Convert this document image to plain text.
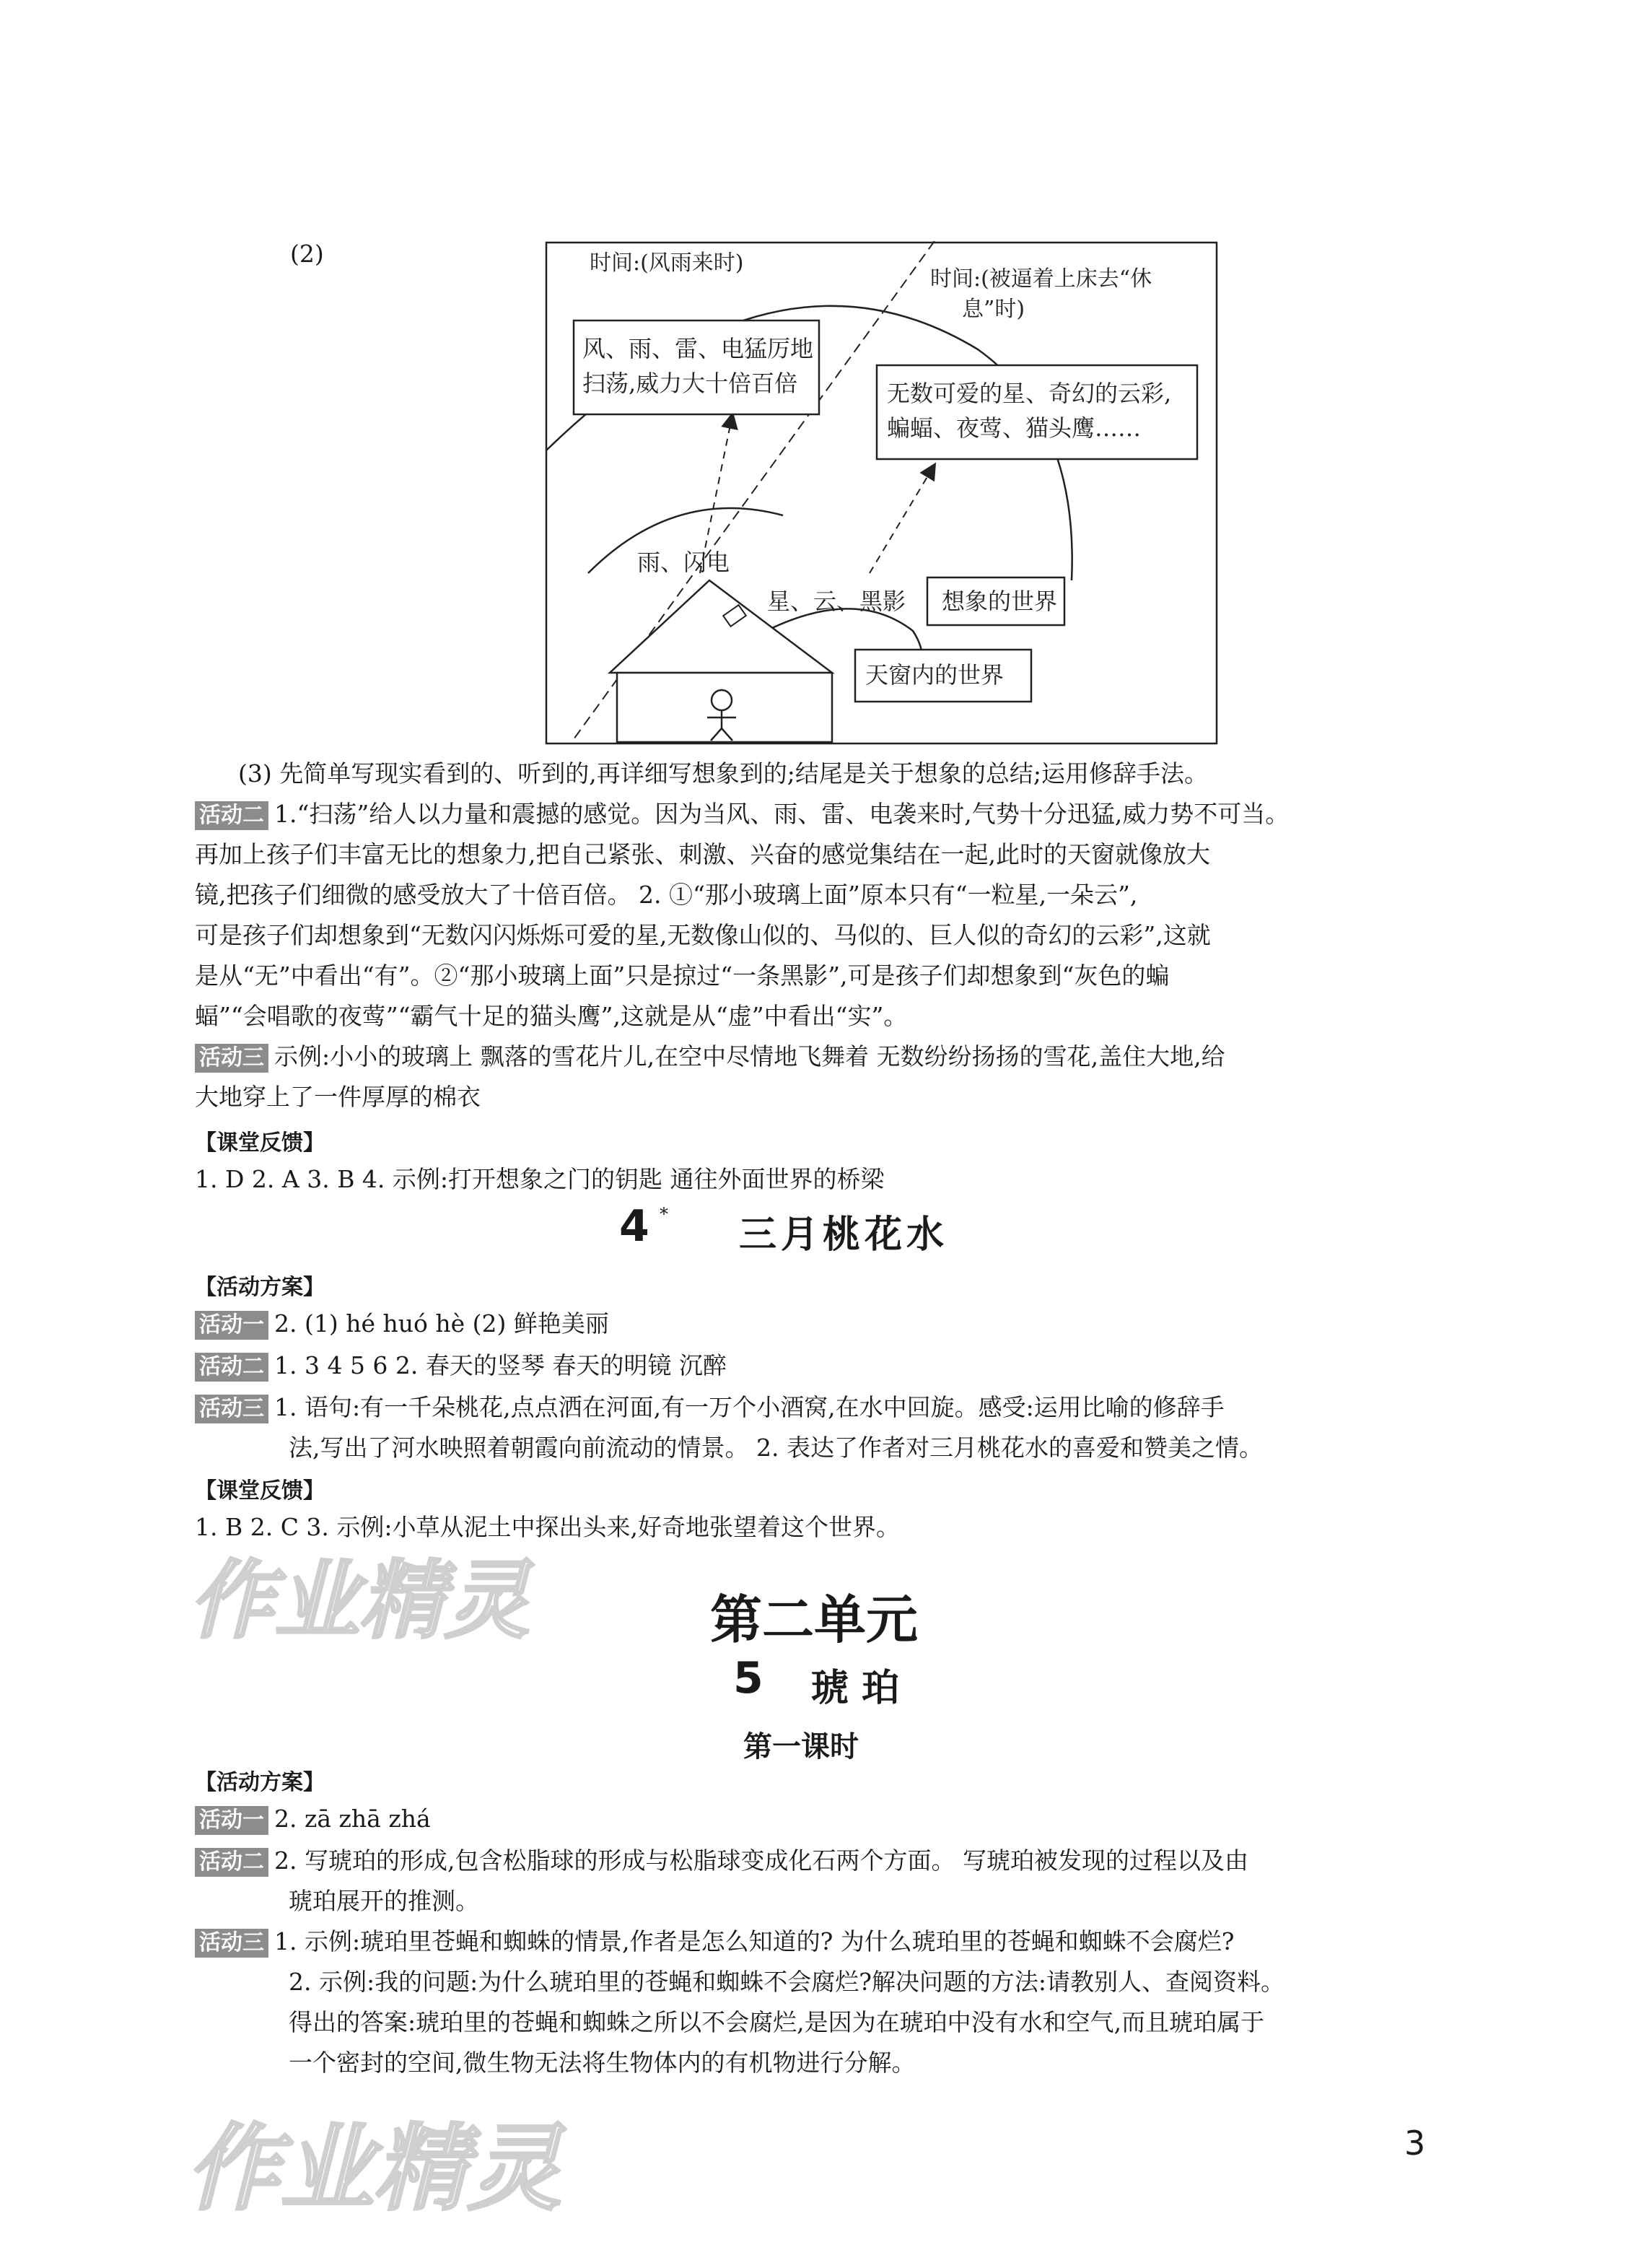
(2)	时间:(风雨来时)
时间:(被逼着上床去“休
息”时)
风、雨、雷、电猛厉地
扫荡,威力大十倍百倍	无数可爱的星、奇幻的云彩,
蝙蝠、夜莺、猫头鹰……
雨、闪电
星、云、黑影 想象的世界
天窗内的世界
(3) 先简单写现实看到的、听到的,再详细写想象到的;结尾是关于想象的总结;运用修辞手法。
活动二 1.“扫荡”给人以力量和震撼的感觉。因为当风、雨、雷、电袭来时,气势十分迅猛,威力势不可当。
再加上孩子们丰富无比的想象力,把自己紧张、刺激、兴奋的感觉集结在一起,此时的天窗就像放大
镜,把孩子们细微的感受放大了十倍百倍。 2. ①“那小玻璃上面”原本只有“一粒星,一朵云”,
可是孩子们却想象到“无数闪闪烁烁可爱的星,无数像山似的、马似的、巨人似的奇幻的云彩”,这就
是从“无”中看出“有”。②“那小玻璃上面”只是掠过“一条黑影”,可是孩子们却想象到“灰色的蝙
蝠”“会唱歌的夜莺”“霸气十足的猫头鹰”,这就是从“虚”中看出“实”。
活动三 示例:小小的玻璃上 飘落的雪花片儿,在空中尽情地飞舞着 无数纷纷扬扬的雪花,盖住大地,给
大地穿上了一件厚厚的棉衣
【课堂反馈】
1. D 2. A 3. B 4. 示例:打开想象之门的钥匙 通往外面世界的桥梁
4 * 三月桃花水
【活动方案】
活动一 2. (1) hé huó hè (2) 鲜艳美丽
活动二 1. 3 4 5 6 2. 春天的竖琴 春天的明镜 沉醉
活动三 1. 语句:有一千朵桃花,点点洒在河面,有一万个小酒窝,在水中回旋。感受:运用比喻的修辞手
法,写出了河水映照着朝霞向前流动的情景。 2. 表达了作者对三月桃花水的喜爱和赞美之情。
【课堂反馈】
1. B 2. C 3. 示例:小草从泥土中探出头来,好奇地张望着这个世界。
作业精灵	第二单元
5 琥 珀
第一课时
【活动方案】
活动一 2. zā zhā zhá
活动二 2. 写琥珀的形成,包含松脂球的形成与松脂球变成化石两个方面。 写琥珀被发现的过程以及由
琥珀展开的推测。
活动三 1. 示例:琥珀里苍蝇和蜘蛛的情景,作者是怎么知道的? 为什么琥珀里的苍蝇和蜘蛛不会腐烂?
2. 示例:我的问题:为什么琥珀里的苍蝇和蜘蛛不会腐烂?解决问题的方法:请教别人、查阅资料。
得出的答案:琥珀里的苍蝇和蜘蛛之所以不会腐烂,是因为在琥珀中没有水和空气,而且琥珀属于
一个密封的空间,微生物无法将生物体内的有机物进行分解。
作业精灵	3
